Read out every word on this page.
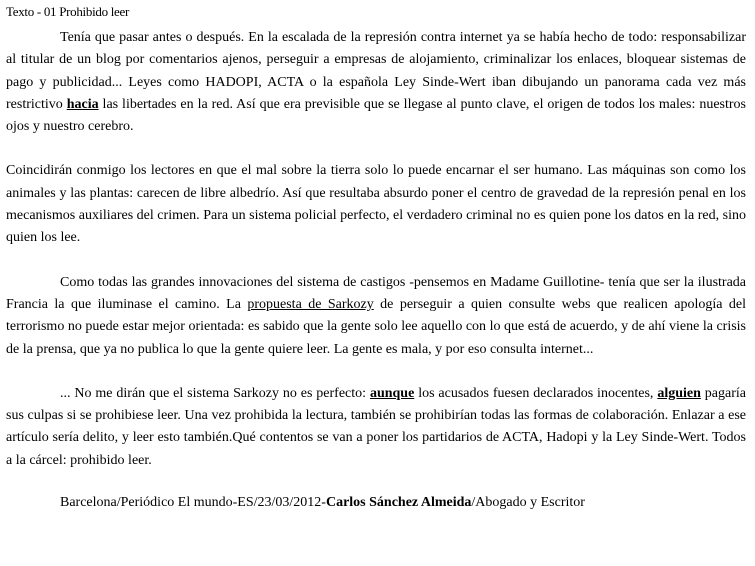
Texto - 01 Prohibido leer

Tenía que pasar antes o después. En la escalada de la represión contra internet ya se había hecho de todo: responsabilizar al titular de un blog por comentarios ajenos, perseguir a empresas de alojamiento, criminalizar los enlaces, bloquear sistemas de pago y publicidad... Leyes como HADOPI, ACTA o la española Ley Sinde-Wert iban dibujando un panorama cada vez más restrictivo hacia las libertades en la red. Así que era previsible que se llegase al punto clave, el origen de todos los males: nuestros ojos y nuestro cerebro.

Coincidirán conmigo los lectores en que el mal sobre la tierra solo lo puede encarnar el ser humano. Las máquinas son como los animales y las plantas: carecen de libre albedrío. Así que resultaba absurdo poner el centro de gravedad de la represión penal en los mecanismos auxiliares del crimen. Para un sistema policial perfecto, el verdadero criminal no es quien pone los datos en la red, sino quien los lee.

Como todas las grandes innovaciones del sistema de castigos -pensemos en Madame Guillotine- tenía que ser la ilustrada Francia la que iluminase el camino. La propuesta de Sarkozy de perseguir a quien consulte webs que realicen apología del terrorismo no puede estar mejor orientada: es sabido que la gente solo lee aquello con lo que está de acuerdo, y de ahí viene la crisis de la prensa, que ya no publica lo que la gente quiere leer. La gente es mala, y por eso consulta internet...

... No me dirán que el sistema Sarkozy no es perfecto: aunque los acusados fuesen declarados inocentes, alguien pagaría sus culpas si se prohibiese leer. Una vez prohibida la lectura, también se prohibirían todas las formas de colaboración. Enlazar a ese artículo sería delito, y leer esto también.Qué contentos se van a poner los partidarios de ACTA, Hadopi y la Ley Sinde-Wert. Todos a la cárcel: prohibido leer.

Barcelona/Periódico El mundo-ES/23/03/2012-Carlos Sánchez Almeida/Abogado y Escritor
